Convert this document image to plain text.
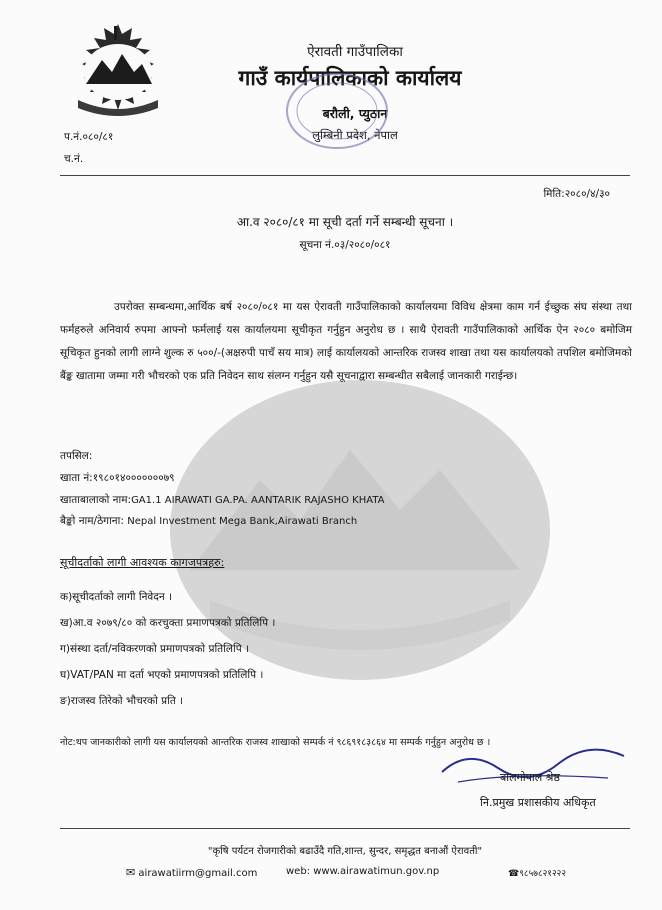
ऐरावती गाउँपालिका
गाउँ कार्यपालिकाको कार्यालय
बरौली, प्युठान
लुम्बिनी प्रदेश, नेपाल
प.नं.०८०/८१
च.नं.
मिति:२०८०/४/३०
आ.व २०८०/८१ मा सूची दर्ता गर्ने सम्बन्धी सूचना ।
सूचना नं.०३/२०८०/०८१
उपरोक्त सम्बन्धमा,आर्थिक बर्ष २०८०/०८१ मा यस ऐरावती गाउँपालिकाको कार्यालयमा विविध क्षेत्रमा काम गर्न ईच्छुक संघ संस्था तथा फर्महरुले अनिवार्य रुपमा आफ्नो फर्मलाई यस कार्यालयमा सूचीकृत गर्नुहुन अनुरोध छ । साथै ऐरावती गाउँपालिकाको आर्थिक ऐन २०८० बमोजिम सूचिकृत हुनको लागी लाग्ने शुल्क रु ५००/-(अक्षरुपी पाचँ सय मात्र) लाई कार्यालयको आन्तरिक राजस्व शाखा तथा यस कार्यालयको तपशिल बमोजिमको बैंङ्क खातामा जम्मा गरी भौचरको एक प्रति निवेदन साथ संलग्न गर्नुहुन यसै सूचनाद्वारा सम्बन्धीत सबैलाई जानकारी गराईन्छ।
तपसिल:
खाता नं:१९८०१४०००००००७९
खाताबालाको नाम:GA1.1 AIRAWATI GA.PA. AANTARIK RAJASHO KHATA
बैङ्को नाम/ठेगाना: Nepal Investment Mega Bank,Airawati Branch
सूचीदर्ताको लागी आवश्यक कागजपत्रहरु:
क)सूचीदर्ताको लागी निवेदन ।
ख)आ.व २०७९/८० को करचुक्ता प्रमाणपत्रको प्रतिलिपि ।
ग)संस्था दर्ता/नविकरणको प्रमाणपत्रको प्रतिलिपि ।
घ)VAT/PAN मा दर्ता भएको प्रमाणपत्रको प्रतिलिपि ।
ङ)राजस्व तिरेको भौचरको प्रति ।
नोट:थप जानकारीको लागी यस कार्यालयको आन्तरिक राजस्व शाखाको सम्पर्क नं ९८६९१८३८६४ मा सम्पर्क गर्नुहुन अनुरोध छ ।
बालगोपाल श्रेष्ठ
नि.प्रमुख प्रशासकीय अधिकृत
"कृषि पर्यटन रोजगारीको बढाउँदै गति,शान्त, सुन्दर, समृद्धत बनाऔं ऐरावती"
✉ airawatiirm@gmail.com	web: www.airawatimun.gov.np	☎९८५७८२१२२२
